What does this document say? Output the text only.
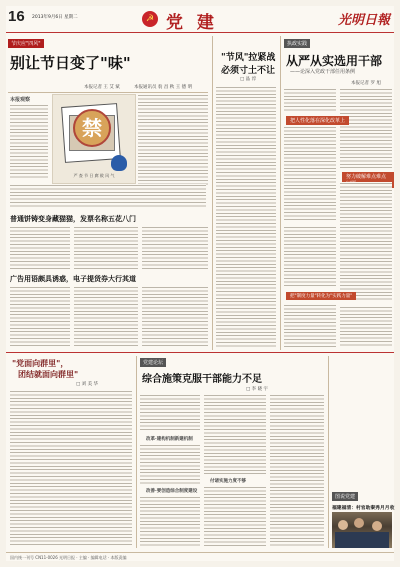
16 2013年9月6日 星期二	☭ 党 建	光明日報
节庆应"四风"
别让节日变了"味"
本报记者 王 艾 斌	本报通讯员 翁 昌 秋 王 德 明
本报观察
禁
严 查 节 日 腐 败 风 气
普通饼铸变身藏猫猫，发票名称五花八门
广告用语颇具诱惑，电子提货券大行其道
"节风"拉紧战
必须寸土不让
□ 晶 淳
执政实践
从严从实选用干部
——论深入党政干部任用条例
本报记者 罗 旭
把人性化落在深化改革上
努力破解难点难点
把"制度力量"转化为"实践力量"
"党面向群里"，
团结就面向群里"
□ 刘 美 华
党建论坛
综合施策克服干部能力不足
□ 李 晓 宇
改革·建构机制新建机制
改善·要创造综合制度建设
付诸实施力度不够
图说党建
福建福清：村官助秦秀月月收
国内统一刊号 CN11-0026 光明日报 · 主编 · 编辑电话 · 本版责编
